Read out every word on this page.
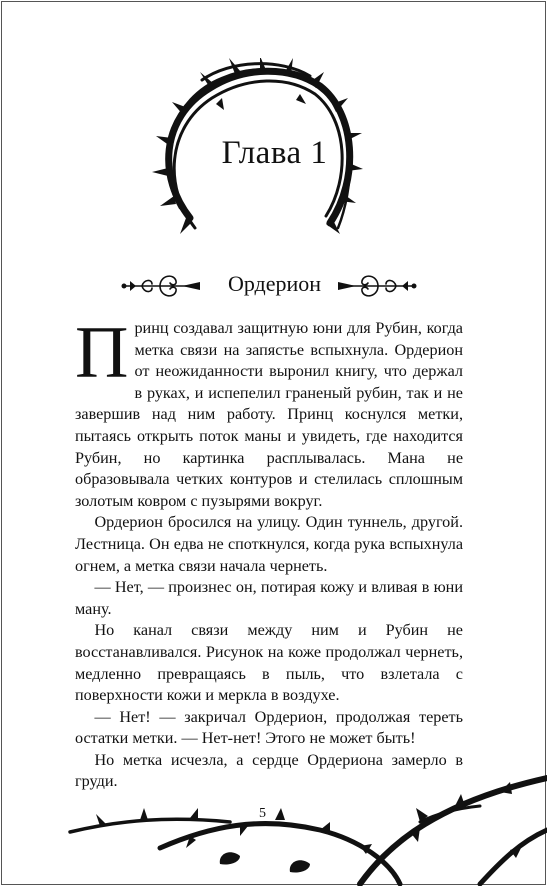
Глава 1
Ордерион

Принц создавал защитную юни для Рубин, когда метка связи на запястье вспыхнула. Ордерион от неожиданности выронил книгу, что держал в руках, и испепелил граненый рубин, так и не завершив над ним работу. Принц коснулся метки, пытаясь открыть поток маны и увидеть, где находится Рубин, но картинка расплывалась. Мана не образовывала четких контуров и стелилась сплошным золотым ковром с пузырями вокруг.

Ордерион бросился на улицу. Один туннель, другой. Лестница. Он едва не споткнулся, когда рука вспыхнула огнем, а метка связи начала чернеть.

— Нет, — произнес он, потирая кожу и вливая в юни ману.

Но канал связи между ним и Рубин не восстанавливался. Рисунок на коже продолжал чернеть, медленно превращаясь в пыль, что взлетала с поверхности кожи и меркла в воздухе.

— Нет! — закричал Ордерион, продолжая тереть остатки метки. — Нет-нет! Этого не может быть!

Но метка исчезла, а сердце Ордериона замерло в груди.

5
